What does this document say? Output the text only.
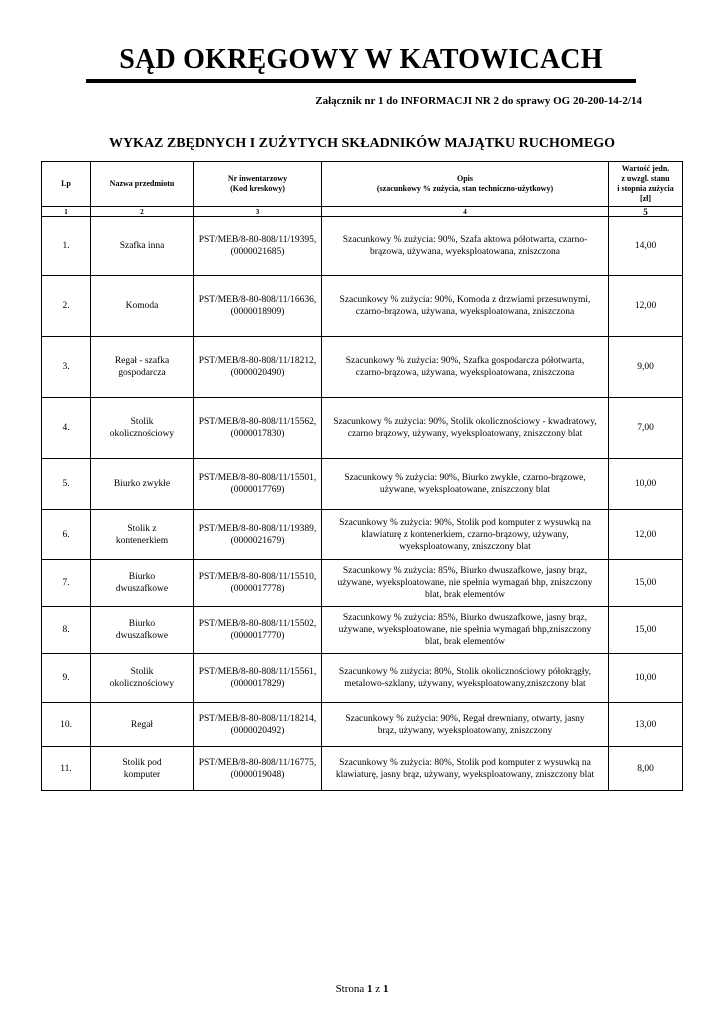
SĄD OKRĘGOWY W KATOWICACH
Załącznik nr 1 do INFORMACJI NR 2 do sprawy OG 20-200-14-2/14
WYKAZ ZBĘDNYCH I ZUŻYTYCH SKŁADNIKÓW MAJĄTKU RUCHOMEGO
Lp	Nazwa przedmiotu	Nr inwentarzowy
(Kod kreskowy)	Opis
(szacunkowy % zużycia, stan techniczno-użytkowy)	Wartość jedn.
z uwzgl. stanu
i stopnia zużycia
[zł]
1	2	3	4	5
1.	Szafka inna	PST/MEB/8-80-808/11/19395,
(0000021685)	Szacunkowy % zużycia: 90%, Szafa aktowa półotwarta, czarno-
brązowa, używana, wyeksploatowana, zniszczona	14,00
2.	Komoda	PST/MEB/8-80-808/11/16636,
(0000018909)	Szacunkowy % zużycia: 90%, Komoda z drzwiami przesuwnymi,
czarno-brązowa, używana, wyeksploatowana, zniszczona	12,00
3.	Regał - szafka
gospodarcza	PST/MEB/8-80-808/11/18212,
(0000020490)	Szacunkowy % zużycia: 90%, Szafka gospodarcza półotwarta,
czarno-brązowa, używana, wyeksploatowana, zniszczona	9,00
4.	Stolik
okolicznościowy	PST/MEB/8-80-808/11/15562,
(0000017830)	Szacunkowy % zużycia: 90%, Stolik okolicznościowy - kwadratowy,
czarno brązowy, używany, wyeksploatowany, zniszczony blat	7,00
5.	Biurko zwykłe	PST/MEB/8-80-808/11/15501,
(0000017769)	Szacunkowy % zużycia: 90%, Biurko zwykłe, czarno-brązowe,
używane, wyeksploatowane, zniszczony blat	10,00
6.	Stolik z
kontenerkiem	PST/MEB/8-80-808/11/19389,
(0000021679)	Szacunkowy % zużycia: 90%, Stolik pod komputer z wysuwką na
klawiaturę z kontenerkiem, czarno-brązowy, używany,
wyeksploatowany, zniszczony blat	12,00
7.	Biurko
dwuszafkowe	PST/MEB/8-80-808/11/15510,
(0000017778)	Szacunkowy % zużycia: 85%, Biurko dwuszafkowe, jasny brąz,
używane, wyeksploatowane, nie spełnia wymagań bhp, zniszczony
blat, brak elementów	15,00
8.	Biurko
dwuszafkowe	PST/MEB/8-80-808/11/15502,
(0000017770)	Szacunkowy % zużycia: 85%, Biurko dwuszafkowe, jasny brąz,
używane, wyeksploatowane, nie spełnia wymagań bhp,zniszczony
blat, brak elementów	15,00
9.	Stolik
okolicznościowy	PST/MEB/8-80-808/11/15561,
(0000017829)	Szacunkowy % zużycia: 80%, Stolik okolicznościowy półokrągły,
metalowo-szklany, używany, wyeksploatowany,zniszczony blat	10,00
10.	Regał	PST/MEB/8-80-808/11/18214,
(0000020492)	Szacunkowy % zużycia: 90%, Regał drewniany, otwarty, jasny
brąz, używany, wyeksploatowany, zniszczony	13,00
11.	Stolik pod
komputer	PST/MEB/8-80-808/11/16775,
(0000019048)	Szacunkowy % zużycia: 80%, Stolik pod komputer z wysuwką na
klawiaturę, jasny brąz, używany, wyeksploatowany, zniszczony blat	8,00
Strona 1 z 1
